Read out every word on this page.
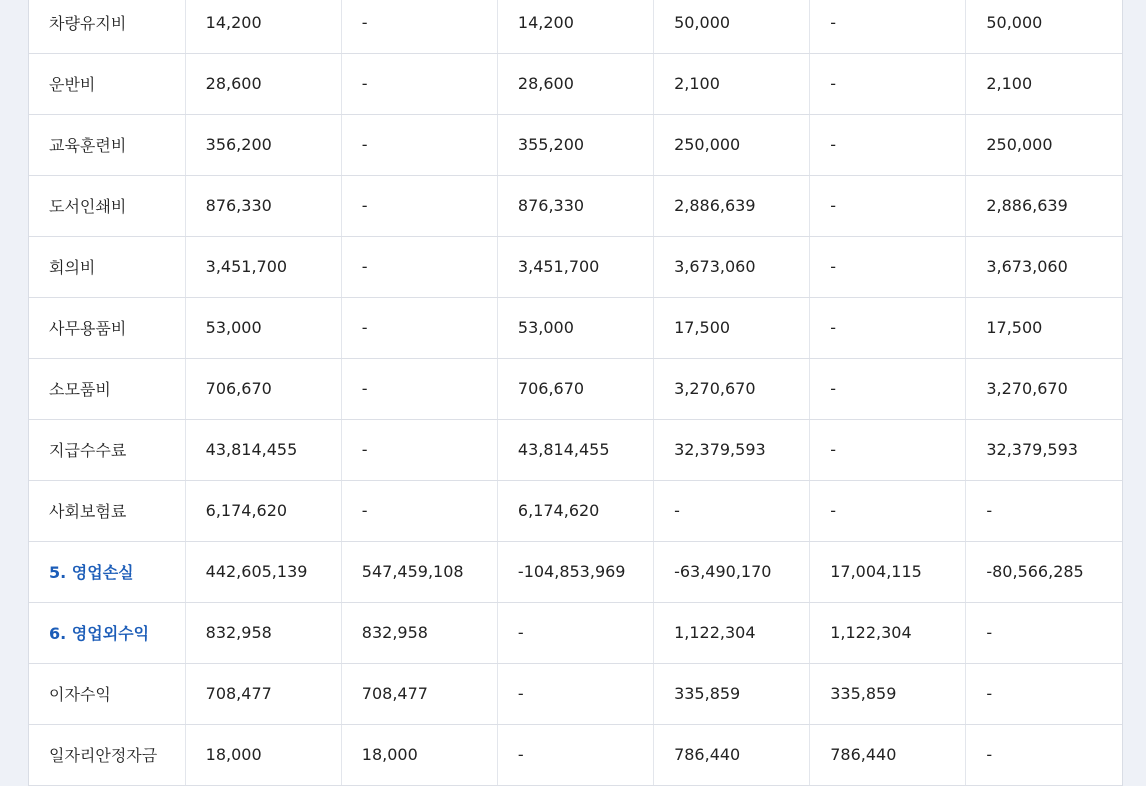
차량유지비	14,200	-	14,200	50,000	-	50,000
운반비	28,600	-	28,600	2,100	-	2,100
교육훈련비	356,200	-	355,200	250,000	-	250,000
도서인쇄비	876,330	-	876,330	2,886,639	-	2,886,639
회의비	3,451,700	-	3,451,700	3,673,060	-	3,673,060
사무용품비	53,000	-	53,000	17,500	-	17,500
소모품비	706,670	-	706,670	3,270,670	-	3,270,670
지급수수료	43,814,455	-	43,814,455	32,379,593	-	32,379,593
사회보험료	6,174,620	-	6,174,620	-	-	-
5. 영업손실	442,605,139	547,459,108	-104,853,969	-63,490,170	17,004,115	-80,566,285
6. 영업외수익	832,958	832,958	-	1,122,304	1,122,304	-
이자수익	708,477	708,477	-	335,859	335,859	-
일자리안정자금	18,000	18,000	-	786,440	786,440	-
